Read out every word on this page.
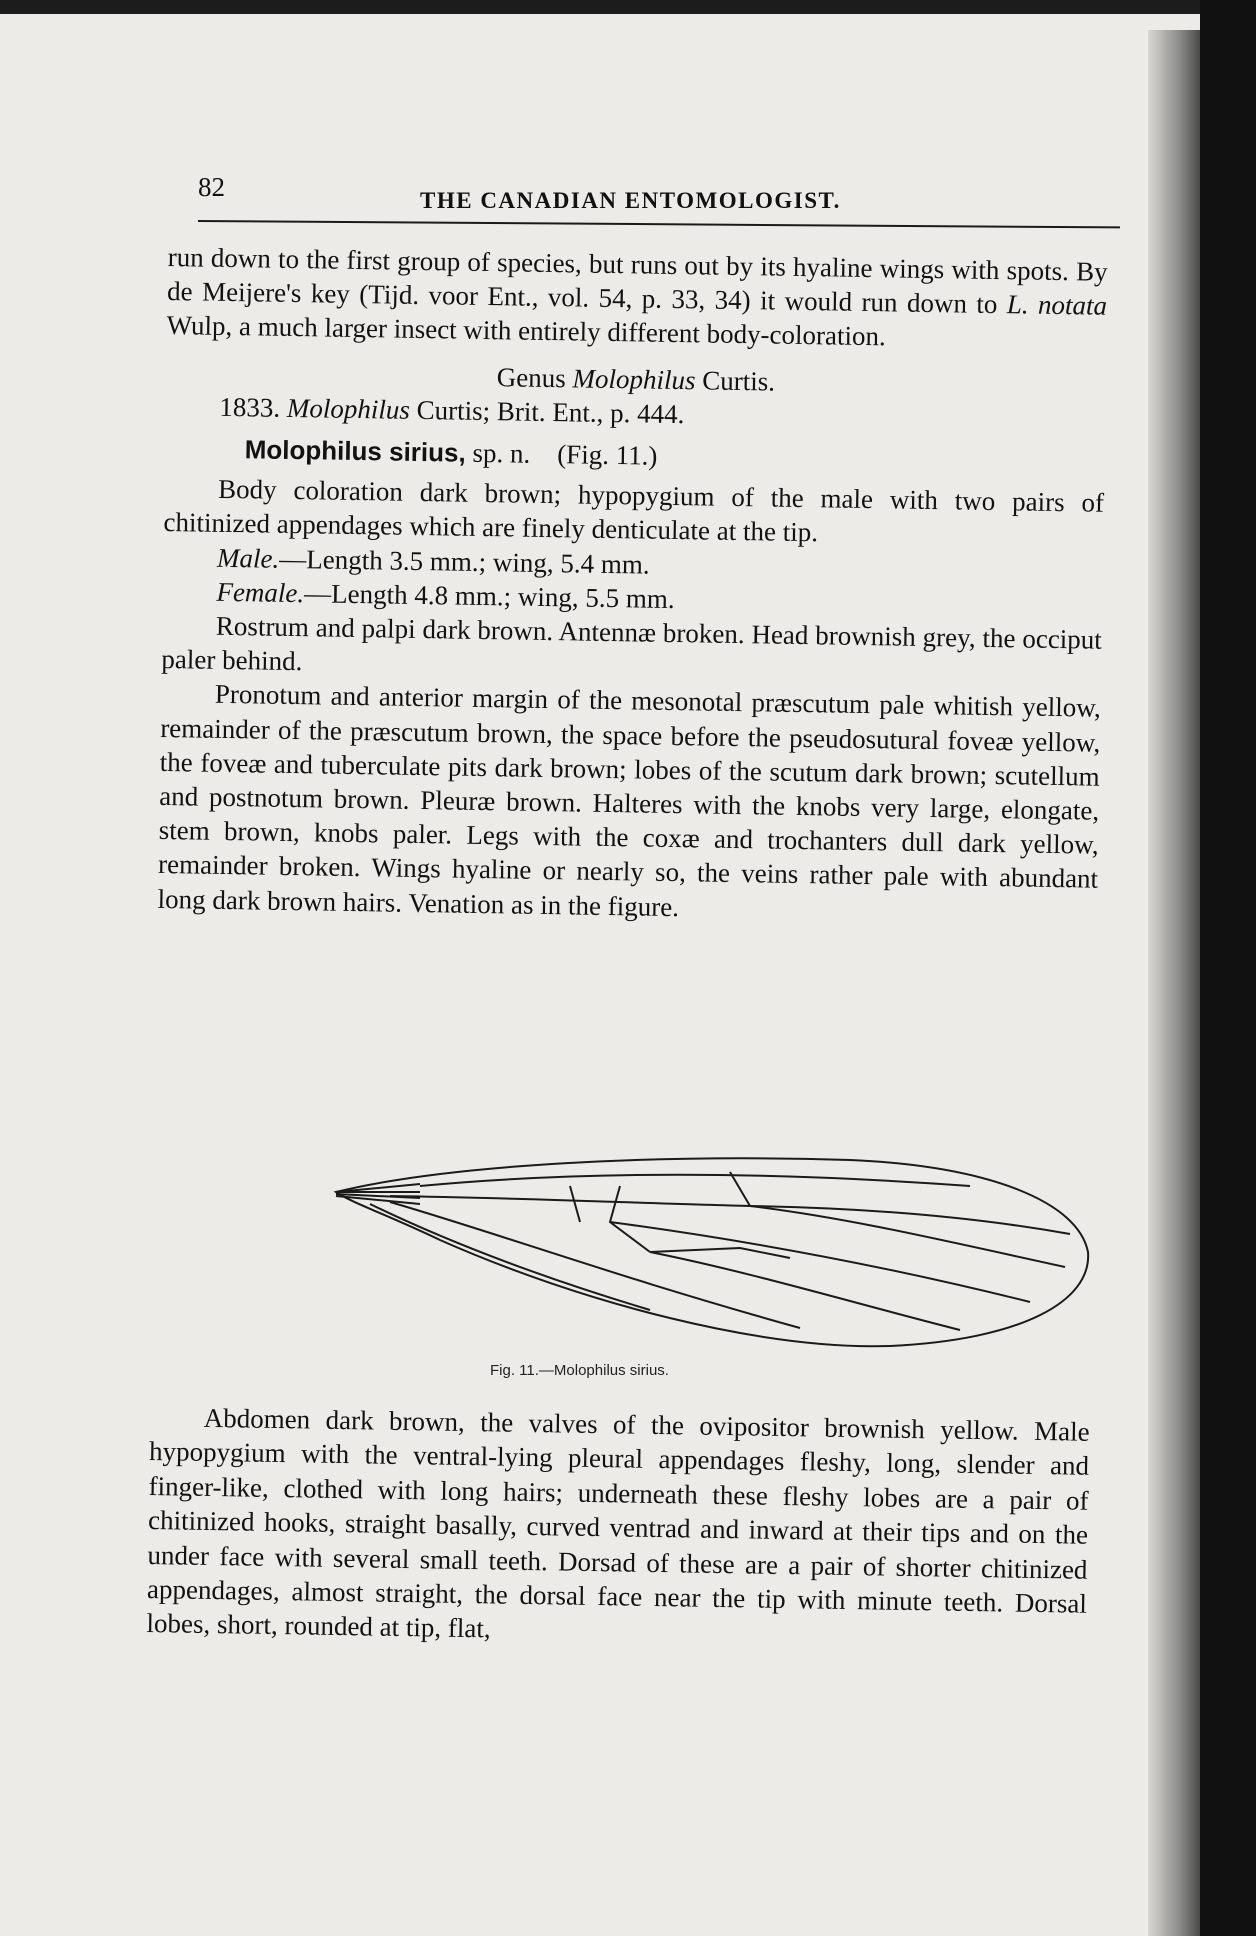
82	THE CANADIAN ENTOMOLOGIST.

run down to the first group of species, but runs out by its hyaline wings with spots. By de Meijere's key (Tijd. voor Ent., vol. 54, p. 33, 34) it would run down to L. notata Wulp, a much larger insect with entirely different body-coloration.

Genus Molophilus Curtis.

1833. Molophilus Curtis; Brit. Ent., p. 444.

Molophilus sirius, sp. n.    (Fig. 11.)

Body coloration dark brown; hypopygium of the male with two pairs of chitinized appendages which are finely denticulate at the tip.

Male.—Length 3.5 mm.; wing, 5.4 mm.

Female.—Length 4.8 mm.; wing, 5.5 mm.

Rostrum and palpi dark brown. Antennæ broken. Head brownish grey, the occiput paler behind.

Pronotum and anterior margin of the mesonotal præscutum pale whitish yellow, remainder of the præscutum brown, the space before the pseudosutural foveæ yellow, the foveæ and tuberculate pits dark brown; lobes of the scutum dark brown; scutellum and postnotum brown. Pleuræ brown. Halteres with the knobs very large, elongate, stem brown, knobs paler. Legs with the coxæ and trochanters dull dark yellow, remainder broken. Wings hyaline or nearly so, the veins rather pale with abundant long dark brown hairs. Venation as in the figure.

Fig. 11.—Molophilus sirius.

Abdomen dark brown, the valves of the ovipositor brownish yellow. Male hypopygium with the ventral-lying pleural appendages fleshy, long, slender and finger-like, clothed with long hairs; underneath these fleshy lobes are a pair of chitinized hooks, straight basally, curved ventrad and inward at their tips and on the under face with several small teeth. Dorsad of these are a pair of shorter chitinized appendages, almost straight, the dorsal face near the tip with minute teeth. Dorsal lobes, short, rounded at tip, flat,
